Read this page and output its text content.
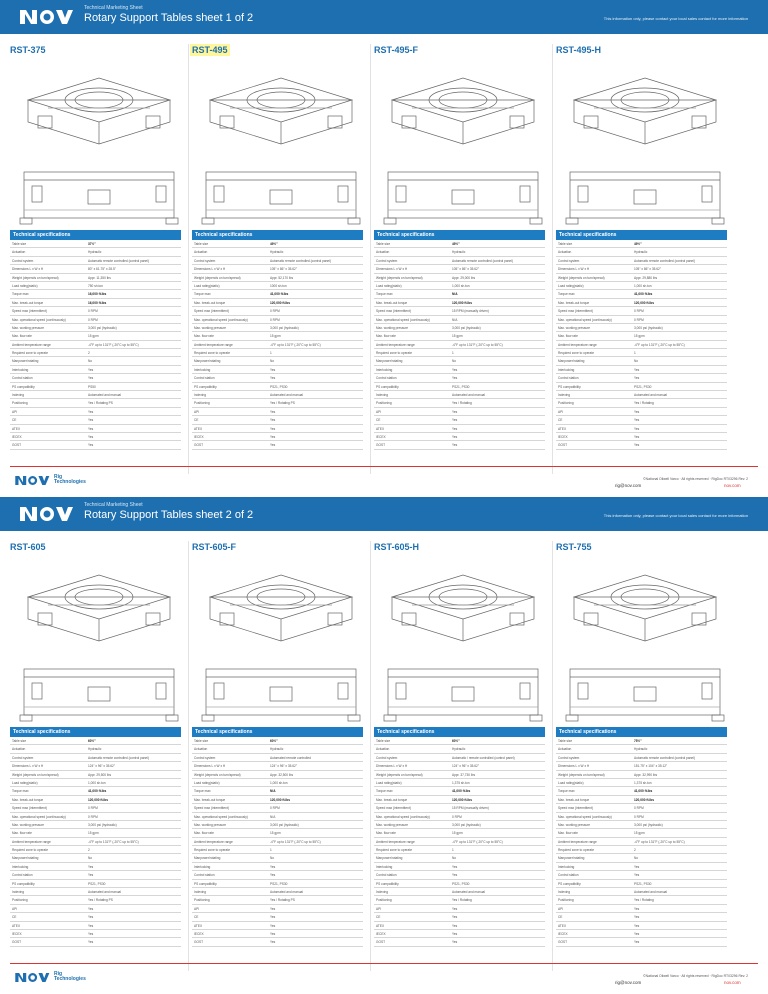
Technical Marketing Sheet
Rotary Support Tables sheet 1 of 2	This information only, please contact your local sales contact for more information
Rig
Technologies	©National Oilwell Varco · All rights reserved · RigDoc RT03296 Rev. 2
rig@nov.com	nov.com
RST-375
Technical specifications
Table size	37½"
Actuation	Hydraulic
Control system	Automatic remote controlled (control panel)
Dimensions L x W x H	80" x 61.75" x 28.5"
Weight (depends on turn/spread)	Appr. 11,350 lbs
Load rating(static)	750 sh.ton
Torque max	16,000 ft.lbs
Max. break-out torque	16,000 ft.lbs
Speed max (intermittent)	0 RPM
Max. operational speed (continuously)	0 RPM
Max. working pressure	3,000 psi (hydraulic)
Max. flow rate	15 gpm
Ambient temperature range	-4°F up to 131°F (-20°C up to 55°C)
Required zone to operate	2
Manpower/rotating	No
Interlocking	Yes
Control station	Yes
PS compatibility	PS50
Indexing	Automated and manual
Positioning	Yes / Rotating PS
API	Yes
CE	Yes
ATEX	Yes
IECEX	Yes
GOST	Yes
RST-495
Technical specifications
Table size	49½"
Actuation	Hydraulic
Control system	Automatic remote controlled (control panel)
Dimensions L x W x H	105" x 86" x 35.62"
Weight (depends on turn/spread)	Appr. 52,170 lbs
Load rating(static)	1000 sh.ton
Torque max	41,000 ft.lbs
Max. break-out torque	120,000 ft.lbs
Speed max (intermittent)	0 RPM
Max. operational speed (continuously)	0 RPM
Max. working pressure	3,000 psi (hydraulic)
Max. flow rate	15 gpm
Ambient temperature range	-4°F up to 131°F (-20°C up to 55°C)
Required zone to operate	1
Manpower/rotating	No
Interlocking	Yes
Control station	Yes
PS compatibility	PS21, PS30
Indexing	Automated and manual
Positioning	Yes / Rotating PS
API	Yes
CE	Yes
ATEX	Yes
IECEX	Yes
GOST	Yes
RST-495-F
Technical specifications
Table size	49½"
Actuation	Hydraulic
Control system	Automatic remote controlled (control panel)
Dimensions L x W x H	105" x 86" x 35.62"
Weight (depends on turn/spread)	Appr. 29,000 lbs
Load rating(static)	1,000 sh.ton
Torque max	N/A
Max. break-out torque	120,000 ft.lbs
Speed max (intermittent)	15 RPM (manually driven)
Max. operational speed (continuously)	N/A
Max. working pressure	3,000 psi (hydraulic)
Max. flow rate	15 gpm
Ambient temperature range	-4°F up to 131°F (-20°C up to 55°C)
Required zone to operate	1
Manpower/rotating	No
Interlocking	Yes
Control station	Yes
PS compatibility	PS21, PS30
Indexing	Automated and manual
Positioning	Yes / Rotating
API	Yes
CE	Yes
ATEX	Yes
IECEX	Yes
GOST	Yes
RST-495-H
Technical specifications
Table size	49½"
Actuation	Hydraulic
Control system	Automatic remote controlled (control panel)
Dimensions L x W x H	105" x 86" x 35.62"
Weight (depends on turn/spread)	Appr. 29,880 lbs
Load rating(static)	1,000 sh.ton
Torque max	41,000 ft.lbs
Max. break-out torque	120,000 ft.lbs
Speed max (intermittent)	0 RPM
Max. operational speed (continuously)	0 RPM
Max. working pressure	3,000 psi (hydraulic)
Max. flow rate	15 gpm
Ambient temperature range	-4°F up to 131°F (-20°C up to 55°C)
Required zone to operate	1
Manpower/rotating	No
Interlocking	Yes
Control station	Yes
PS compatibility	PS21, PS30
Indexing	Automated and manual
Positioning	Yes / Rotating
API	Yes
CE	Yes
ATEX	Yes
IECEX	Yes
GOST	Yes
Technical Marketing Sheet
Rotary Support Tables sheet 2 of 2	This information only, please contact your local sales contact for more information
Rig
Technologies	©National Oilwell Varco · All rights reserved · RigDoc RT03296 Rev. 2
rig@nov.com	nov.com
RST-605
Technical specifications
Table size	60½"
Actuation	Hydraulic
Control system	Automatic remote controlled (control panel)
Dimensions L x W x H	124" x 96" x 35.62"
Weight (depends on turn/spread)	Appr. 29,500 lbs
Load rating(static)	1,000 sh.ton
Torque max	41,000 ft.lbs
Max. break-out torque	120,000 ft.lbs
Speed max (intermittent)	0 RPM
Max. operational speed (continuously)	0 RPM
Max. working pressure	3,000 psi (hydraulic)
Max. flow rate	15 gpm
Ambient temperature range	-4°F up to 131°F (-20°C up to 55°C)
Required zone to operate	2
Manpower/rotating	No
Interlocking	Yes
Control station	Yes
PS compatibility	PS21, PS30
Indexing	Automated and manual
Positioning	Yes / Rotating PS
API	Yes
CE	Yes
ATEX	Yes
IECEX	Yes
GOST	Yes
RST-605-F
Technical specifications
Table size	60½"
Actuation	Hydraulic
Control system	Automated remote controlled
Dimensions L x W x H	124" x 96" x 35.62"
Weight (depends on turn/spread)	Appr. 32,500 lbs
Load rating(static)	1,000 sh.ton
Torque max	N/A
Max. break-out torque	120,000 ft.lbs
Speed max (intermittent)	0 RPM
Max. operational speed (continuously)	N/A
Max. working pressure	3,000 psi (hydraulic)
Max. flow rate	15 gpm
Ambient temperature range	-4°F up to 131°F (-20°C up to 55°C)
Required zone to operate	1
Manpower/rotating	No
Interlocking	Yes
Control station	Yes
PS compatibility	PS21, PS30
Indexing	Automated and manual
Positioning	Yes / Rotating PS
API	Yes
CE	Yes
ATEX	Yes
IECEX	Yes
GOST	Yes
RST-605-H
Technical specifications
Table size	60½"
Actuation	Hydraulic
Control system	Automatic / remote controlled (control panel)
Dimensions L x W x H	124" x 96" x 35.62"
Weight (depends on turn/spread)	Appr. 37,730 lbs
Load rating(static)	1,375 sh.ton
Torque max	41,000 ft.lbs
Max. break-out torque	120,000 ft.lbs
Speed max (intermittent)	15 RPM (manually driven)
Max. operational speed (continuously)	0 RPM
Max. working pressure	3,000 psi (hydraulic)
Max. flow rate	15 gpm
Ambient temperature range	-4°F up to 131°F (-20°C up to 55°C)
Required zone to operate	1
Manpower/rotating	No
Interlocking	Yes
Control station	Yes
PS compatibility	PS21, PS30
Indexing	Automated and manual
Positioning	Yes / Rotating
API	Yes
CE	Yes
ATEX	Yes
IECEX	Yes
GOST	Yes
RST-755
Technical specifications
Table size	75½"
Actuation	Hydraulic
Control system	Automatic remote controlled (control panel)
Dimensions L x W x H	151.75" x 104" x 35.12"
Weight (depends on turn/spread)	Appr. 32,990 lbs
Load rating(static)	1,375 sh.ton
Torque max	41,000 ft.lbs
Max. break-out torque	120,000 ft.lbs
Speed max (intermittent)	0 RPM
Max. operational speed (continuously)	0 RPM
Max. working pressure	3,000 psi (hydraulic)
Max. flow rate	15 gpm
Ambient temperature range	-4°F up to 131°F (-20°C up to 55°C)
Required zone to operate	2
Manpower/rotating	No
Interlocking	Yes
Control station	Yes
PS compatibility	PS21, PS30
Indexing	Automated and manual
Positioning	Yes / Rotating
API	Yes
CE	Yes
ATEX	Yes
IECEX	Yes
GOST	Yes
